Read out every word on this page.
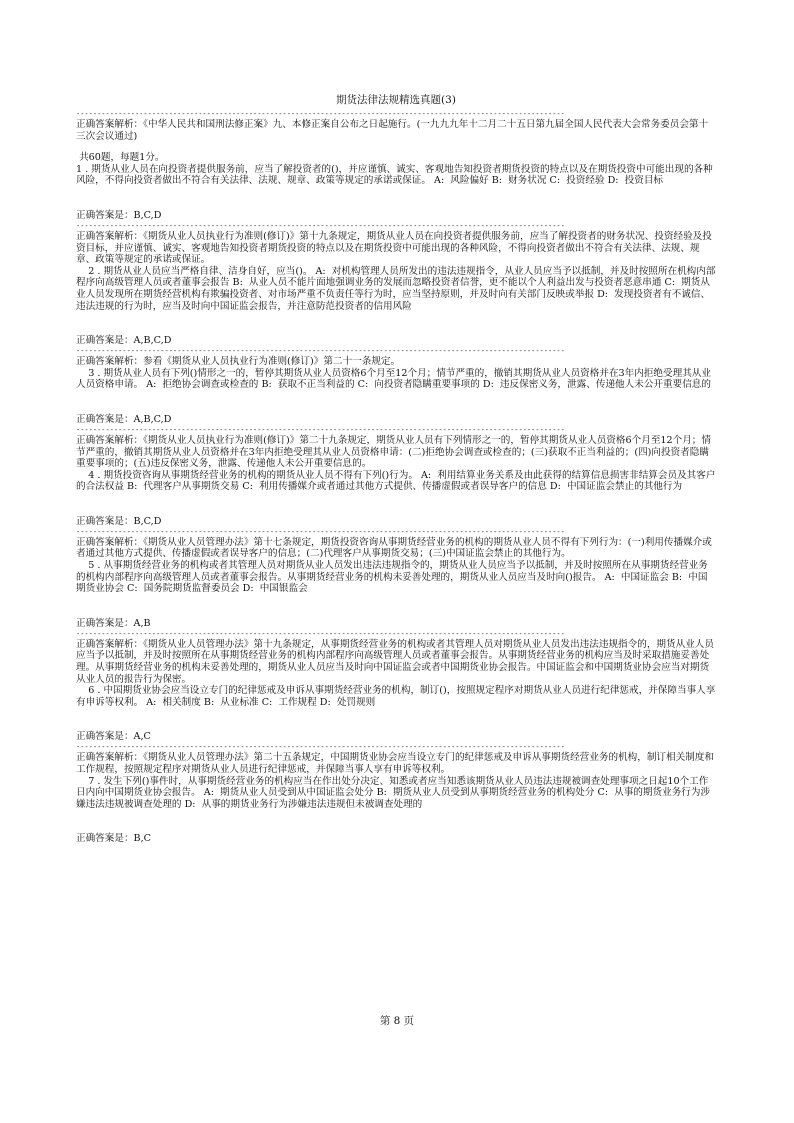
期货法律法规精选真题(3)
--------------------------------------------------------------------------------------------------------------------

正确答案解析：《中华人民共和国刑法修正案》九、本修正案自公布之日起施行。(一九九九年十二月二十五日第九届全国人民代表大会常务委员会第十三次会议通过)

共60题，每题1分。

1 . 期货从业人员在向投资者提供服务前，应当了解投资者的()，并应谨慎、诚实、客观地告知投资者期货投资的特点以及在期货投资中可能出现的各种风险，不得向投资者做出不符合有关法律、法规、规章、政策等规定的承诺或保证。 A:  风险偏好 B:  财务状况 C:  投资经验 D:  投资目标

正确答案是：B,C,D

--------------------------------------------------------------------------------------------------------------------

正确答案解析：《期货从业人员执业行为准则(修订)》第十九条规定，期货从业人员在向投资者提供服务前，应当了解投资者的财务状况、投资经验及投资目标，并应谨慎、诚实、客观地告知投资者期货投资的特点以及在期货投资中可能出现的各种风险，不得向投资者做出不符合有关法律、法规、规章、政策等规定的承诺或保证。

2 . 期货从业人员应当严格自律、洁身自好，应当()。 A:  对机构管理人员所发出的违法违规指令，从业人员应当予以抵制，并及时按照所在机构内部程序向高级管理人员或者董事会报告 B:  从业人员不能片面地强调业务的发展而忽略投资者信誉，更不能以个人利益出发与投资者恶意串通 C:  期货从业人员发现所在期货经营机构有欺骗投资者、对市场严重不负责任等行为时，应当坚持原则，并及时向有关部门反映或举报 D:  发现投资者有不诚信、违法违规的行为时，应当及时向中国证监会报告，并注意防范投资者的信用风险

正确答案是：A,B,C,D

--------------------------------------------------------------------------------------------------------------------

正确答案解析：参看《期货从业人员执业行为准则(修订)》第二十一条规定。

3 . 期货从业人员有下列()情形之一的，暂停其期货从业人员资格6个月至12个月；情节严重的，撤销其期货从业人员资格并在3年内拒绝受理其从业人员资格申请。 A:  拒绝协会调查或检查的 B:  获取不正当利益的 C:  向投资者隐瞒重要事项的 D:  违反保密义务，泄露、传递他人未公开重要信息的

正确答案是：A,B,C,D

--------------------------------------------------------------------------------------------------------------------

正确答案解析：《期货从业人员执业行为准则(修订)》第二十九条规定，期货从业人员有下列情形之一的，暂停其期货从业人员资格6个月至12个月；情节严重的，撤销其期货从业人员资格并在3年内拒绝受理其从业人员资格申请：(二)拒绝协会调查或检查的；(三)获取不正当利益的；(四)向投资者隐瞒重要事项的；(五)违反保密义务，泄露、传递他人未公开重要信息的。

4 . 期货投资咨询从事期货经营业务的机构的期货从业人员不得有下列()行为。 A:  利用结算业务关系及由此获得的结算信息损害非结算会员及其客户的合法权益 B:  代理客户从事期货交易 C:  利用传播媒介或者通过其他方式提供、传播虚假或者误导客户的信息 D:  中国证监会禁止的其他行为

正确答案是：B,C,D

--------------------------------------------------------------------------------------------------------------------

正确答案解析：《期货从业人员管理办法》第十七条规定，期货投资咨询从事期货经营业务的机构的期货从业人员不得有下列行为：(一)利用传播媒介或者通过其他方式提供、传播虚假或者误导客户的信息；(二)代理客户从事期货交易；(三)中国证监会禁止的其他行为。

5 . 从事期货经营业务的机构或者其管理人员对期货从业人员发出违法违规指令的，期货从业人员应当予以抵制，并及时按照所在从事期货经营业务的机构内部程序向高级管理人员或者董事会报告。从事期货经营业务的机构未妥善处理的，期货从业人员应当及时向()报告。 A:  中国证监会 B:  中国期货业协会 C:  国务院期货监督委员会 D:  中国银监会

正确答案是：A,B

--------------------------------------------------------------------------------------------------------------------

正确答案解析：《期货从业人员管理办法》第十九条规定，从事期货经营业务的机构或者其管理人员对期货从业人员发出违法违规指令的，期货从业人员应当予以抵制，并及时按照所在从事期货经营业务的机构内部程序向高级管理人员或者董事会报告。从事期货经营业务的机构应当及时采取措施妥善处理。从事期货经营业务的机构未妥善处理的，期货从业人员应当及时向中国证监会或者中国期货业协会报告。中国证监会和中国期货业协会应当对期货从业人员的报告行为保密。

6 . 中国期货业协会应当设立专门的纪律惩戒及申诉从事期货经营业务的机构，制订()，按照规定程序对期货从业人员进行纪律惩戒，并保障当事人享有申诉等权利。 A:  相关制度 B:  从业标准 C:  工作规程 D:  处罚规则

正确答案是：A,C

--------------------------------------------------------------------------------------------------------------------

正确答案解析：《期货从业人员管理办法》第二十五条规定，中国期货业协会应当设立专门的纪律惩戒及申诉从事期货经营业务的机构，制订相关制度和工作规程，按照规定程序对期货从业人员进行纪律惩戒，并保障当事人享有申诉等权利。

7 . 发生下列()事件时，从事期货经营业务的机构应当在作出处分决定、知悉或者应当知悉该期货从业人员违法违规被调查处理事项之日起10个工作日内向中国期货业协会报告。 A:  期货从业人员受到从中国证监会处分 B:  期货从业人员受到从事期货经营业务的机构处分 C:  从事的期货业务行为涉嫌违法违规被调查处理的 D:  从事的期货业务行为涉嫌违法违规但未被调查处理的

正确答案是：B,C

第 8 页
